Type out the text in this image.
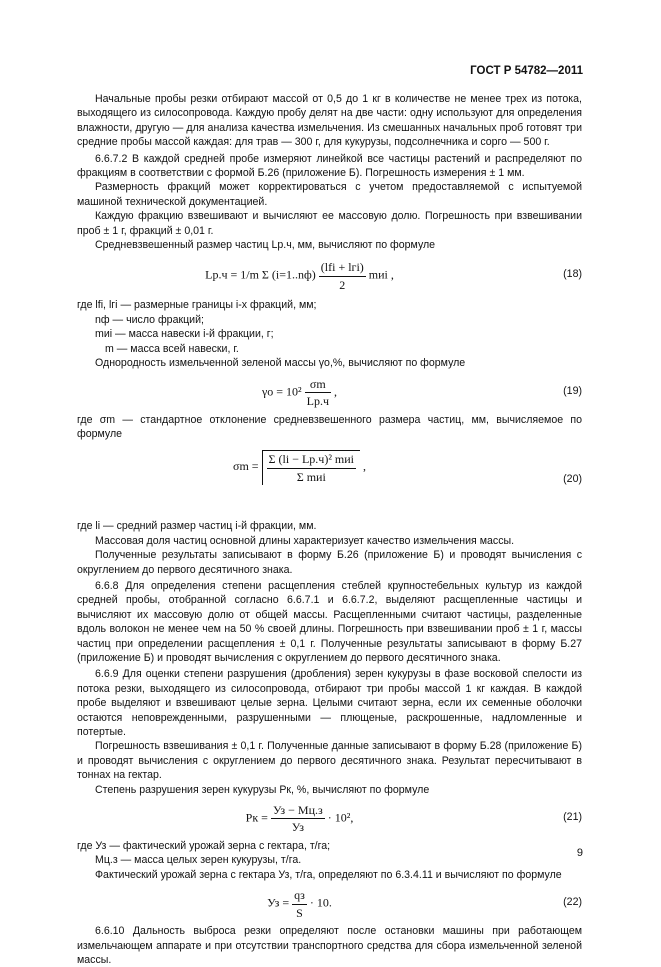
ГОСТ Р 54782—2011

Начальные пробы резки отбирают массой от 0,5 до 1 кг в количестве не менее трех из потока, выходящего из силосопровода. Каждую пробу делят на две части: одну используют для определения влажности, другую — для анализа качества измельчения. Из смешанных начальных проб готовят три средние пробы массой каждая: для трав — 300 г, для кукурузы, подсолнечника и сорго — 500 г.

6.6.7.2 В каждой средней пробе измеряют линейкой все частицы растений и распределяют по фракциям в соответствии с формой Б.26 (приложение Б). Погрешность измерения ± 1 мм.

Размерность фракций может корректироваться с учетом предоставляемой с испытуемой машиной технической документацией.

Каждую фракцию взвешивают и вычисляют ее массовую долю. Погрешность при взвешивании проб ± 1 г, фракций ± 0,01 г.

Средневзвешенный размер частиц Lр.ч, мм, вычисляют по формуле

Lр.ч = 1/m Σ $(i=1..nф) \frac{\text{(lfi + lгi)}}{2}$ mиi ,	(18)
где lfi, lгi — размерные границы i-х фракций, мм;
nф — число фракций;
mиi — масса навески i-й фракции, г;
m — масса всей навески, г.

Однородность измельченной зеленой массы γо,%, вычисляют по формуле

$\gamma о = 10^2 \frac{\sigma m}{Lр.ч}$ ,	(19)

где σm — стандартное отклонение средневзвешенного размера частиц, мм, вычисляемое по формуле

$\sigma m = \frac{\text{Σ (li − Lр.ч)² mиi}}{\text{Σ mиi}}$ ,
(20)

где li — средний размер частиц i-й фракции, мм.

Массовая доля частиц основной длины характеризует качество измельчения массы.

Полученные результаты записывают в форму Б.26 (приложение Б) и проводят вычисления с округлением до первого десятичного знака.

6.6.8 Для определения степени расщепления стеблей крупностебельных культур из каждой средней пробы, отобранной согласно 6.6.7.1 и 6.6.7.2, выделяют расщепленные частицы и вычисляют их массовую долю от общей массы. Расщепленными считают частицы, разделенные вдоль волокон не менее чем на 50 % своей длины. Погрешность при взвешивании проб ± 1 г, массы частиц при определении расщепления ± 0,1 г. Полученные результаты записывают в форму Б.27 (приложение Б) и проводят вычисления с округлением до первого десятичного знака.

6.6.9 Для оценки степени разрушения (дробления) зерен кукурузы в фазе восковой спелости из потока резки, выходящего из силосопровода, отбирают три пробы массой 1 кг каждая. В каждой пробе выделяют и взвешивают целые зерна. Целыми считают зерна, если их семенные оболочки остаются неповрежденными, разрушенными — плющеные, раскрошенные, надломленные и потертые.

Погрешность взвешивания ± 0,1 г. Полученные данные записывают в форму Б.28 (приложение Б) и проводят вычисления с округлением до первого десятичного знака. Результат пересчитывают в тоннах на гектар.

Степень разрушения зерен кукурузы Рк, %, вычисляют по формуле

Рк = $\frac{Уз - Мц.з}{Уз} \cdot 10^2$,	(21)
где Уз — фактический урожай зерна с гектара, т/га;
Мц.з — масса целых зерен кукурузы, т/га.

Фактический урожай зерна с гектара Уз, т/га, определяют по 6.3.4.11 и вычисляют по формуле

Уз = $\frac{qз}{S} \cdot 10$.	(22)

6.6.10 Дальность выброса резки определяют после остановки машины при работающем измельчающем аппарате и при отсутствии транспортного средства для сбора измельченной зеленой массы.

9
